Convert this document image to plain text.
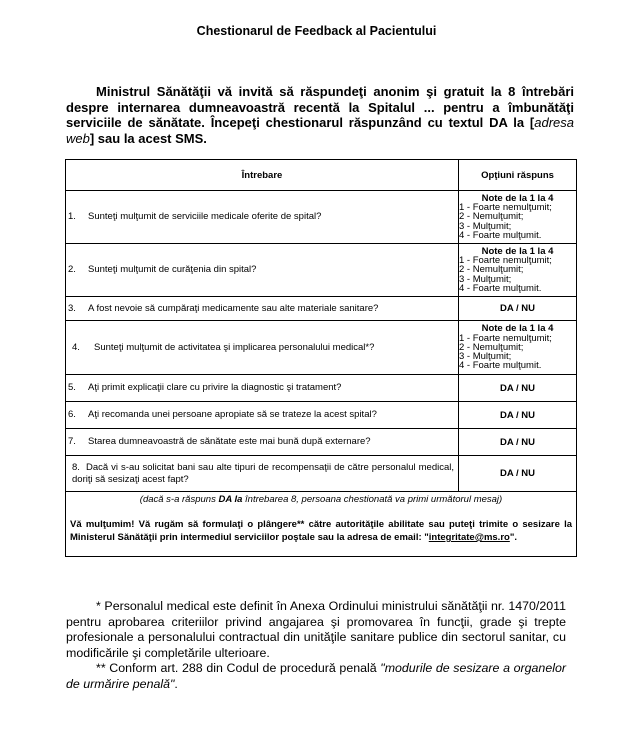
Chestionarul de Feedback al Pacientului
Ministrul Sănătăţii vă invită să răspundeţi anonim şi gratuit la 8 întrebări despre internarea dumneavoastră recentă la Spitalul ... pentru a îmbunătăţi serviciile de sănătate. Începeţi chestionarul răspunzând cu textul DA la [adresa web] sau la acest SMS.
Întrebare	Opţiuni răspuns
1. Sunteţi mulţumit de serviciile medicale oferite de spital?	Note de la 1 la 4
1 - Foarte nemulţumit;
2 - Nemulţumit;
3 - Mulţumit;
4 - Foarte mulţumit.

2. Sunteţi mulţumit de curăţenia din spital?	Note de la 1 la 4
1 - Foarte nemulţumit;
2 - Nemulţumit;
3 - Mulţumit;
4 - Foarte mulţumit.

3. A fost nevoie să cumpăraţi medicamente sau alte materiale sanitare?	DA / NU
4. Sunteţi mulţumit de activitatea şi implicarea personalului medical*?	Note de la 1 la 4
1 - Foarte nemulţumit;
2 - Nemulţumit;
3 - Mulţumit;
4 - Foarte mulţumit.

5. Aţi primit explicaţii clare cu privire la diagnostic şi tratament?	DA / NU
6. Aţi recomanda unei persoane apropiate să se trateze la acest spital?	DA / NU
7. Starea dumneavoastră de sănătate este mai bună după externare?	DA / NU
8. Dacă vi s-au solicitat bani sau alte tipuri de recompensaţii de către personalul medical, doriţi să sesizaţi acest fapt?	DA / NU

(dacă s-a răspuns DA la întrebarea 8, persoana chestionată va primi următorul mesaj)
Vă mulţumim! Vă rugăm să formulaţi o plângere** către autorităţile abilitate sau puteţi trimite o sesizare la Ministerul Sănătăţii prin intermediul serviciilor poştale sau la adresa de email: "integritate@ms.ro".	
* Personalul medical este definit în Anexa Ordinului ministrului sănătăţii nr. 1470/2011 pentru aprobarea criteriilor privind angajarea şi promovarea în funcţii, grade şi trepte profesionale a personalului contractual din unităţile sanitare publice din sectorul sanitar, cu modificările şi completările ulterioare.
** Conform art. 288 din Codul de procedură penală "modurile de sesizare a organelor de urmărire penală".
